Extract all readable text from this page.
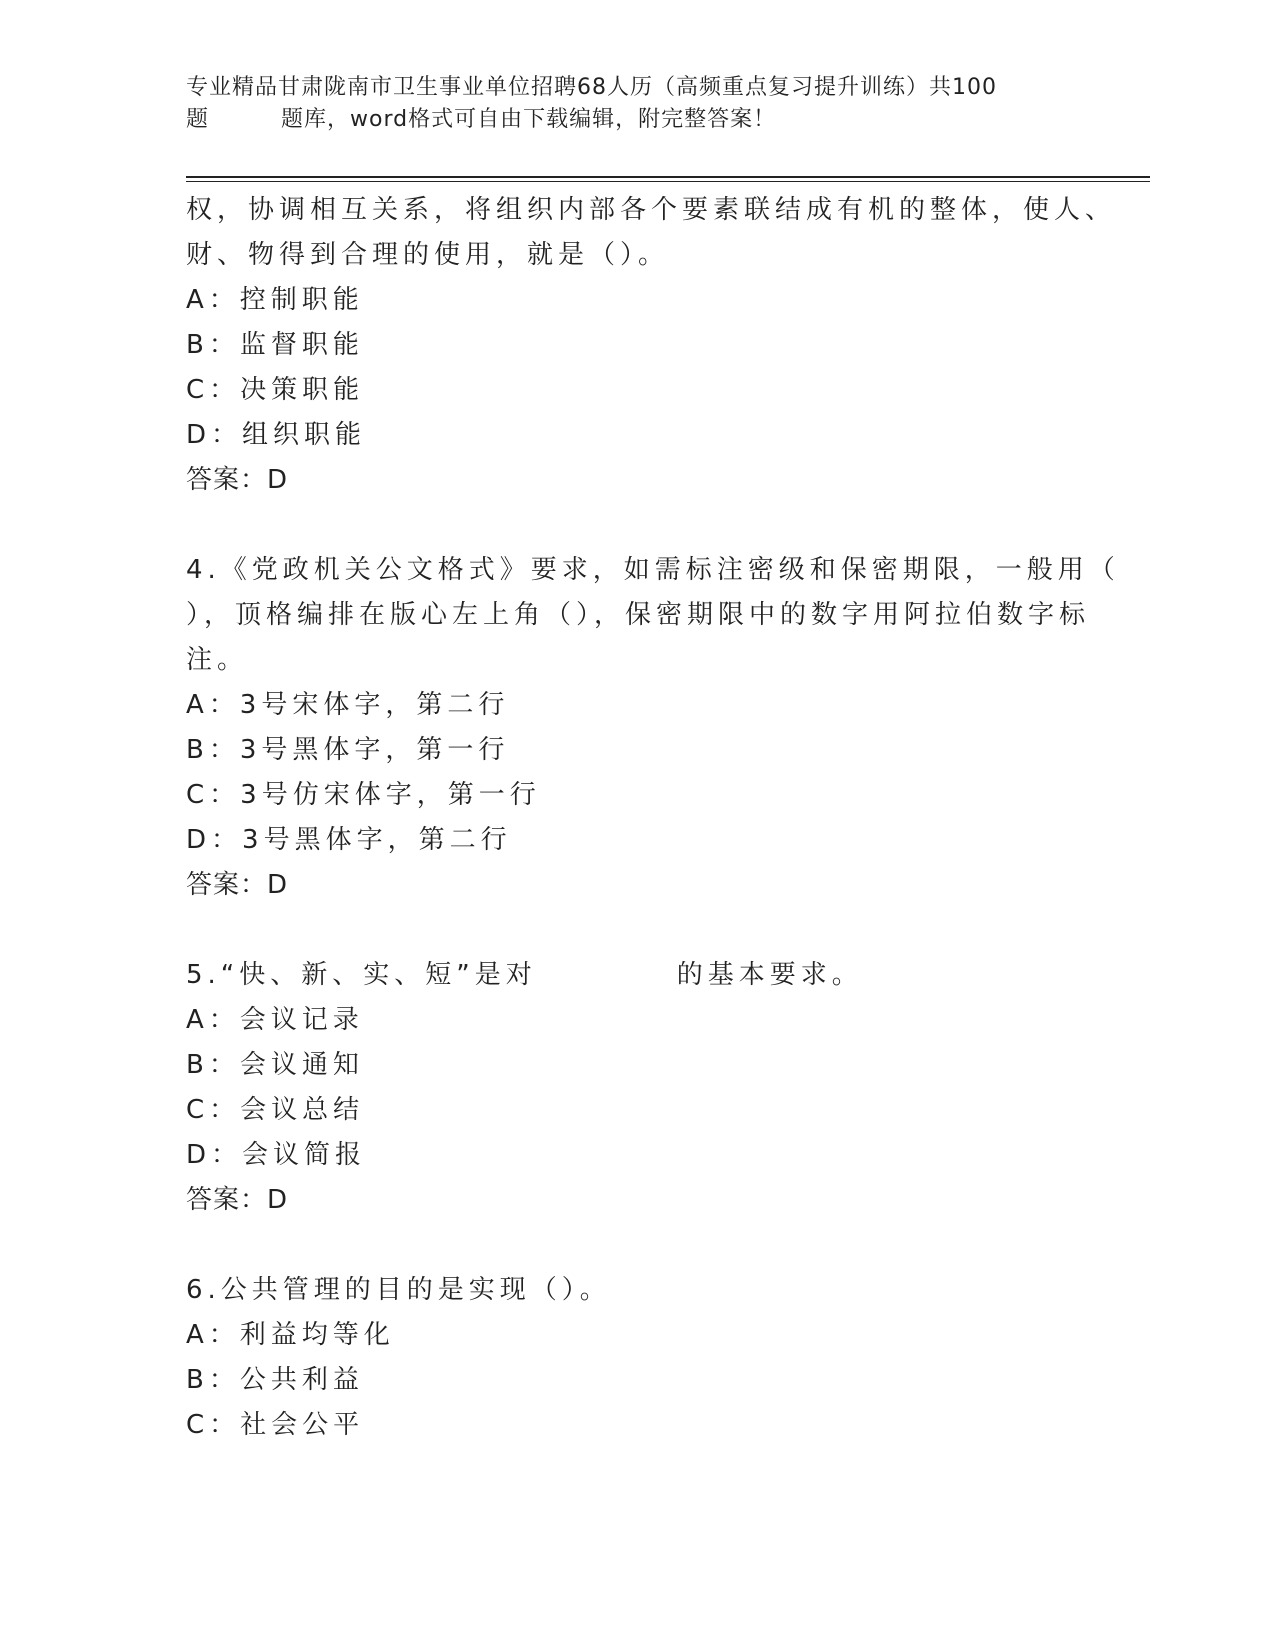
专业精品甘肃陇南市卫生事业单位招聘68人历（高频重点复习提升训练）共100
题	题库，word格式可自由下载编辑，附完整答案！
权，协调相互关系，将组织内部各个要素联结成有机的整体，使人、
财、物得到合理的使用，就是（）。
A：控制职能
B：监督职能
C：决策职能
D：组织职能
答案：D
4.《党政机关公文格式》要求，如需标注密级和保密期限，一般用（
），顶格编排在版心左上角（），保密期限中的数字用阿拉伯数字标
注。
A：3号宋体字，第二行
B：3号黑体字，第一行
C：3号仿宋体字，第一行
D：3号黑体字，第二行
答案：D
5.“快、新、实、短”是对	的基本要求。
A：会议记录
B：会议通知
C：会议总结
D：会议简报
答案：D
6.公共管理的目的是实现（）。
A：利益均等化
B：公共利益
C：社会公平
